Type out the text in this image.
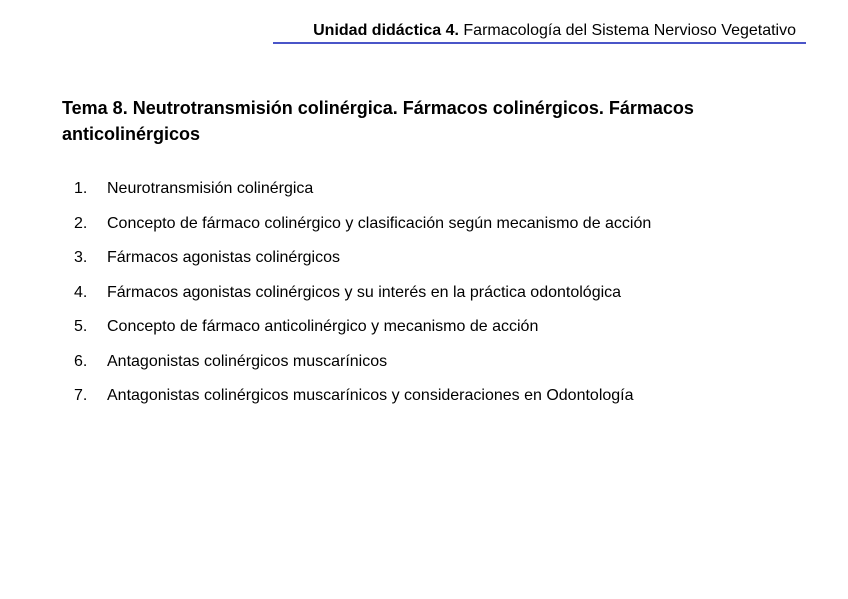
Unidad didáctica 4. Farmacología del Sistema Nervioso Vegetativo
Tema 8. Neutrotransmisión colinérgica. Fármacos colinérgicos. Fármacos anticolinérgicos
1.	Neurotransmisión colinérgica
2.	Concepto de fármaco colinérgico y clasificación según mecanismo de acción
3.	Fármacos agonistas colinérgicos
4.	Fármacos agonistas colinérgicos y su interés en la práctica odontológica
5.	Concepto de fármaco anticolinérgico y mecanismo de acción
6.	Antagonistas colinérgicos muscarínicos
7.	Antagonistas colinérgicos muscarínicos y consideraciones en Odontología
